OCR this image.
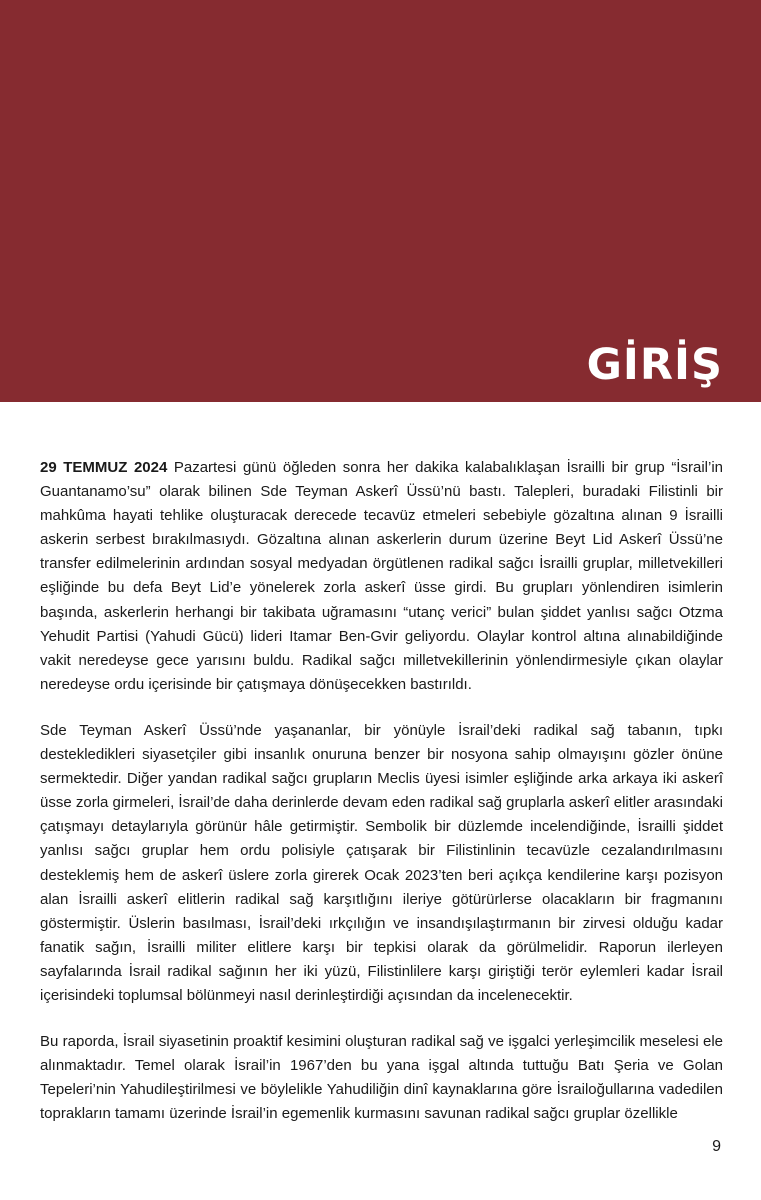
GİRİŞ

29 TEMMUZ 2024 Pazartesi günü öğleden sonra her dakika kalabalıklaşan İsrailli bir grup “İsrail’in Guantanamo’su” olarak bilinen Sde Teyman Askerî Üssü’nü bastı. Talepleri, buradaki Filistinli bir mahkûma hayati tehlike oluşturacak derecede tecavüz etmeleri sebebiyle gözaltına alınan 9 İsrailli askerin serbest bırakılmasıydı. Gözaltına alınan askerlerin durum üzerine Beyt Lid Askerî Üssü’ne transfer edilmelerinin ardından sosyal medyadan örgütlenen radikal sağcı İsrailli gruplar, milletvekilleri eşliğinde bu defa Beyt Lid’e yönelerek zorla askerî üsse girdi. Bu grupları yönlendiren isimlerin başında, askerlerin herhangi bir takibata uğramasını “utanç verici” bulan şiddet yanlısı sağcı Otzma Yehudit Partisi (Yahudi Gücü) lideri Itamar Ben-Gvir geliyordu. Olaylar kontrol altına alınabildiğinde vakit neredeyse gece yarısını buldu. Radikal sağcı milletvekillerinin yönlendirmesiyle çıkan olaylar neredeyse ordu içerisinde bir çatışmaya dönüşecekken bastırıldı.

Sde Teyman Askerî Üssü’nde yaşananlar, bir yönüyle İsrail’deki radikal sağ tabanın, tıpkı destekledikleri siyasetçiler gibi insanlık onuruna benzer bir nosyona sahip olmayışını gözler önüne sermektedir. Diğer yandan radikal sağcı grupların Meclis üyesi isimler eşliğinde arka arkaya iki askerî üsse zorla girmeleri, İsrail’de daha derinlerde devam eden radikal sağ gruplarla askerî elitler arasındaki çatışmayı detaylarıyla görünür hâle getirmiştir. Sembolik bir düzlemde incelendiğinde, İsrailli şiddet yanlısı sağcı gruplar hem ordu polisiyle çatışarak bir Filistinlinin tecavüzle cezalandırılmasını desteklemiş hem de askerî üslere zorla girerek Ocak 2023’ten beri açıkça kendilerine karşı pozisyon alan İsrailli askerî elitlerin radikal sağ karşıtlığını ileriye götürürlerse olacakların bir fragmanını göstermiştir. Üslerin basılması, İsrail’deki ırkçılığın ve insandışılaştırmanın bir zirvesi olduğu kadar fanatik sağın, İsrailli militer elitlere karşı bir tepkisi olarak da görülmelidir. Raporun ilerleyen sayfalarında İsrail radikal sağının her iki yüzü, Filistinlilere karşı giriştiği terör eylemleri kadar İsrail içerisindeki toplumsal bölünmeyi nasıl derinleştirdiği açısından da incelenecektir.

Bu raporda, İsrail siyasetinin proaktif kesimini oluşturan radikal sağ ve işgalci yerleşimcilik meselesi ele alınmaktadır. Temel olarak İsrail’in 1967’den bu yana işgal altında tuttuğu Batı Şeria ve Golan Tepeleri’nin Yahudileştirilmesi ve böylelikle Yahudiliğin dinî kaynaklarına göre İsrailoğullarına vadedilen toprakların tamamı üzerinde İsrail’in egemenlik kurmasını savunan radikal sağcı gruplar özellikle

9
